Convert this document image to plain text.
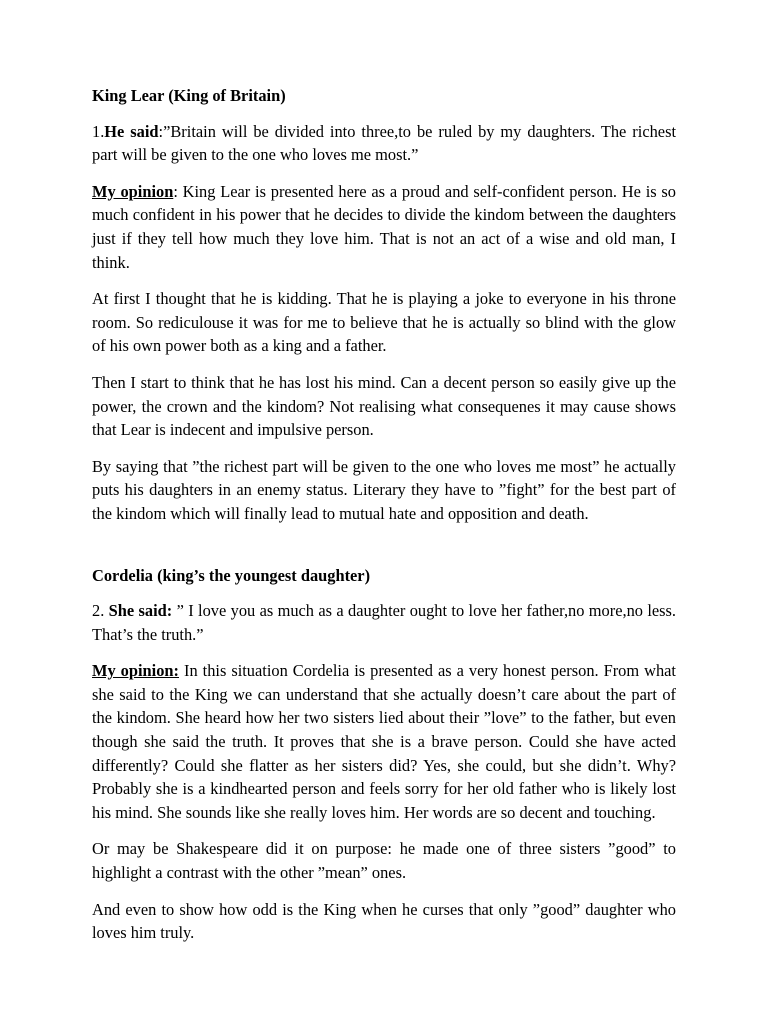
King Lear (King of Britain)

1.He said:”Britain will be divided into three,to be ruled by my daughters. The richest part will be given to the one who loves me most.”

My opinion: King Lear is presented here as a proud and self-confident person. He is so much confident in his power that he decides to divide the kindom between the daughters just if they tell how much they love him. That is not an act of a wise and old man, I think.

At first I thought that he is kidding. That he is playing a joke to everyone in his throne room. So rediculouse it was for me to believe that he is actually so blind with the glow of his own power both as a king and a father.

Then I start to think that he has lost his mind. Can a decent person so easily give up the power, the crown and the kindom? Not realising what consequenes it may cause shows that Lear is indecent and impulsive person.

By saying that ”the richest part will be given to the one who loves me most” he actually puts his daughters in an enemy status. Literary they have to ”fight” for the best part of the kindom which will finally lead to mutual hate and opposition and death.

Cordelia (king’s the youngest daughter)

2. She said: ” I love you as much as a daughter ought to love her father,no more,no less. That’s the truth.”

My opinion: In this situation Cordelia is presented as a very honest person. From what she said to the King we can understand that she actually doesn’t care about the part of the kindom. She heard how her two sisters lied about their ”love” to the father, but even though she said the truth. It proves that she is a brave person. Could she have acted differently? Could she flatter as her sisters did? Yes, she could, but she didn’t. Why? Probably she is a kindhearted person and feels sorry for her old father who is likely lost his mind. She sounds like she really loves him. Her words are so decent and touching.

Or may be Shakespeare did it on purpose: he made one of three sisters ”good” to highlight a contrast with the other ”mean” ones.

And even to show how odd is the King when he curses that only ”good” daughter who loves him truly.
